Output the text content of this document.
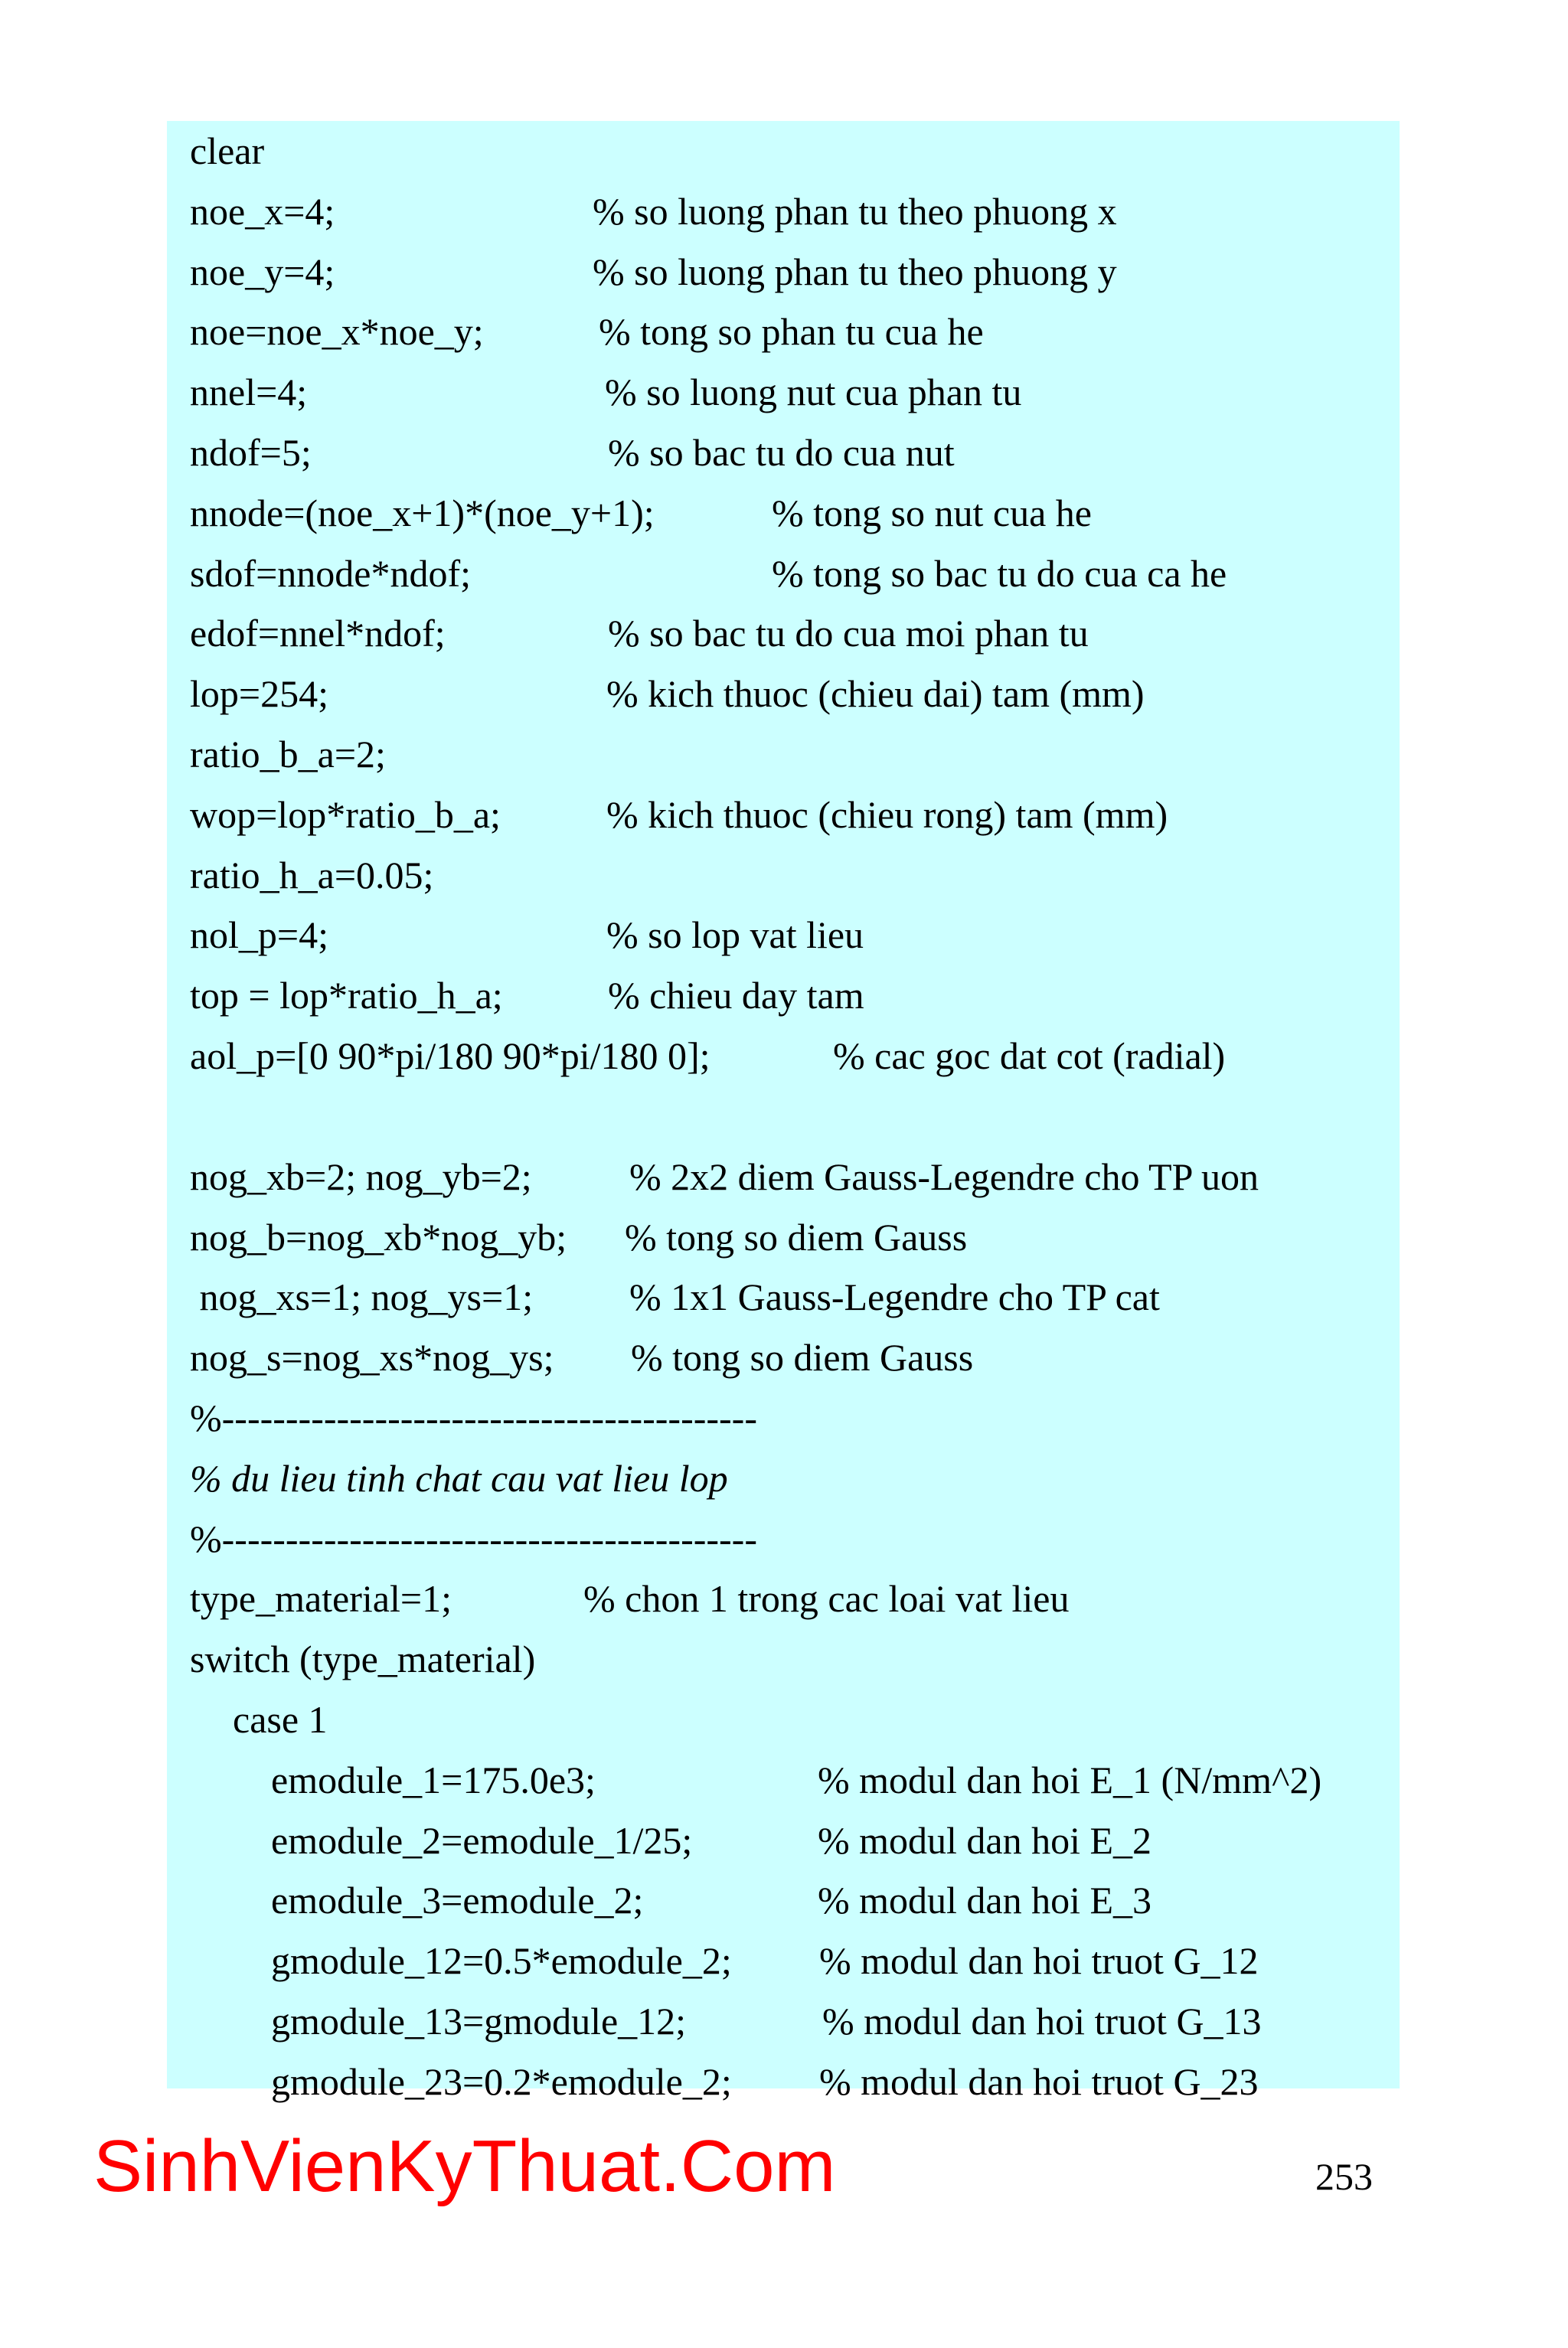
clear
noe_x=4;	% so luong phan tu theo phuong x
noe_y=4;	% so luong phan tu theo phuong y
noe=noe_x*noe_y;	% tong so phan tu cua he
nnel=4;	% so luong nut cua phan tu
ndof=5;	% so bac tu do cua nut
nnode=(noe_x+1)*(noe_y+1);	% tong so nut cua he
sdof=nnode*ndof;	% tong so bac tu do cua ca he
edof=nnel*ndof;	% so bac tu do cua moi phan tu
lop=254;	% kich thuoc (chieu dai) tam (mm)
ratio_b_a=2;
wop=lop*ratio_b_a;	% kich thuoc (chieu rong) tam (mm)
ratio_h_a=0.05;
nol_p=4;	% so lop vat lieu
top = lop*ratio_h_a;	% chieu day tam
aol_p=[0 90*pi/180 90*pi/180 0];	% cac goc dat cot (radial)
nog_xb=2; nog_yb=2;	% 2x2 diem Gauss-Legendre cho TP uon
nog_b=nog_xb*nog_yb; % tong so diem Gauss
nog_xs=1; nog_ys=1;	% 1x1 Gauss-Legendre cho TP cat
nog_s=nog_xs*nog_ys; % tong so diem Gauss
%------------------------------------------
% du lieu tinh chat cau vat lieu lop
%------------------------------------------
type_material=1;	% chon 1 trong cac loai vat lieu
switch (type_material)
case 1
emodule_1=175.0e3;	% modul dan hoi E_1 (N/mm^2)
emodule_2=emodule_1/25;	% modul dan hoi E_2
emodule_3=emodule_2;	% modul dan hoi E_3
gmodule_12=0.5*emodule_2; % modul dan hoi truot G_12
gmodule_13=gmodule_12;	% modul dan hoi truot G_13
gmodule_23=0.2*emodule_2; % modul dan hoi truot G_23
SinhVienKyThuat.Com	253
